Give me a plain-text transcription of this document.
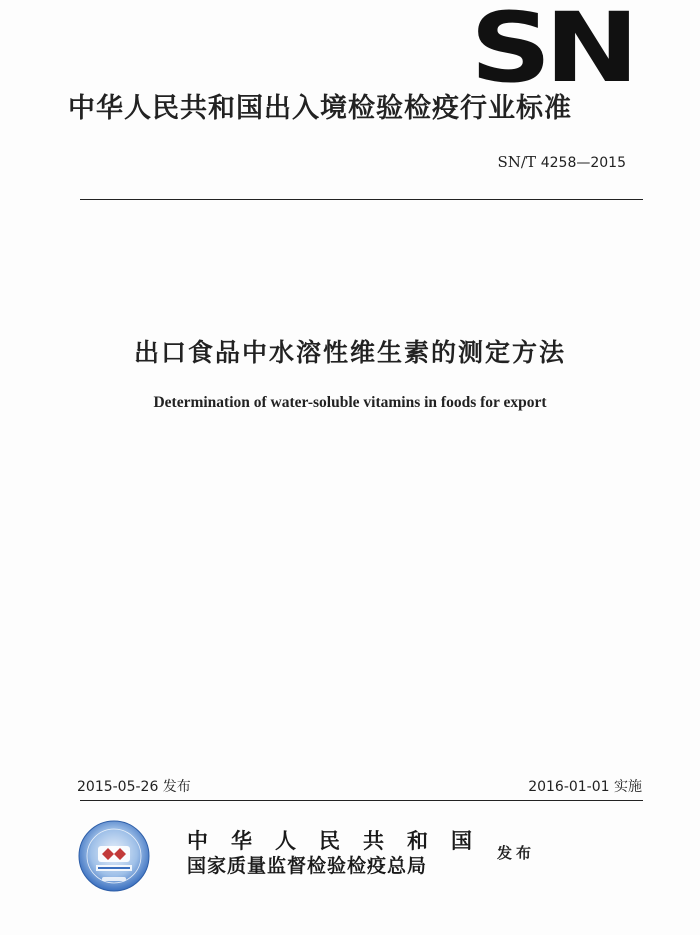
SN
中华人民共和国出入境检验检疫行业标准
SN/T 4258—2015
出口食品中水溶性维生素的测定方法
Determination of water-soluble vitamins in foods for export
2015-05-26 发布	2016-01-01 实施
中华人民共和国
国家质量监督检验检疫总局
发布
